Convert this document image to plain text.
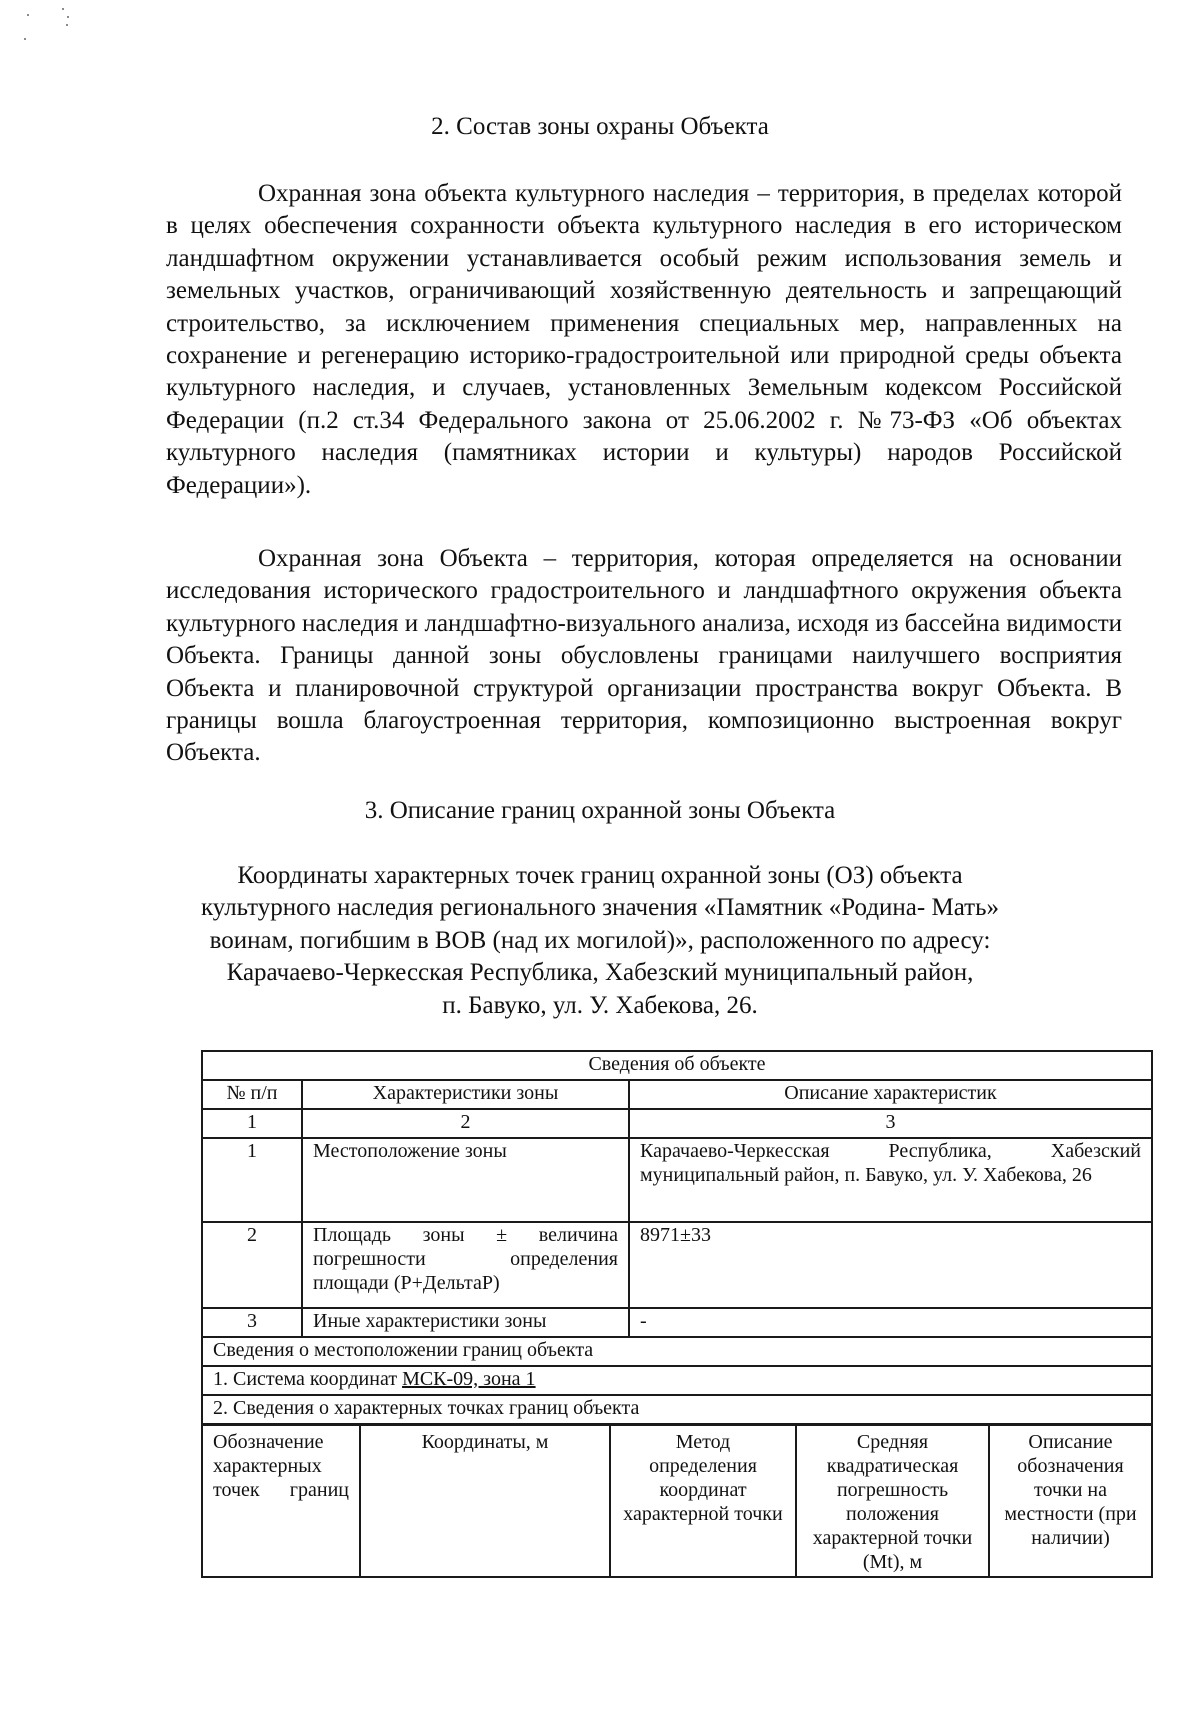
2. Состав зоны охраны Объекта

Охранная зона объекта культурного наследия – территория, в пределах которой в целях обеспечения сохранности объекта культурного наследия в его историческом ландшафтном окружении устанавливается особый режим использования земель и земельных участков, ограничивающий хозяйственную деятельность и запрещающий строительство, за исключением применения специальных мер, направленных на сохранение и регенерацию историко-градостроительной или природной среды объекта культурного наследия, и случаев, установленных Земельным кодексом Российской Федерации (п.2 ст.34 Федерального закона от 25.06.2002 г. №73-ФЗ «Об объектах культурного наследия (памятниках истории и культуры) народов Российской Федерации»).

Охранная зона Объекта – территория, которая определяется на основании исследования исторического градостроительного и ландшафтного окружения объекта культурного наследия и ландшафтно-визуального анализа, исходя из бассейна видимости Объекта. Границы данной зоны обусловлены границами наилучшего восприятия Объекта и планировочной структурой организации пространства вокруг Объекта. В границы вошла благоустроенная территория, композиционно выстроенная вокруг Объекта.

3. Описание границ охранной зоны Объекта

Координаты характерных точек границ охранной зоны (ОЗ) объекта
культурного наследия регионального значения «Памятник «Родина- Мать»
воинам, погибшим в ВОВ (над их могилой)», расположенного по адресу:
Карачаево-Черкесская Республика, Хабезский муниципальный район,
п. Бавуко, ул. У. Хабекова, 26.

Сведения об объекте		
№ п/п	Характеристики зоны	Описание характеристик
1	2	3
1	Местоположение зоны	Карачаево-Черкесская Республика, Хабезский муниципальный район, п. Бавуко, ул. У. Хабекова, 26
2	Площадь зоны ± величина погрешности определения площади (Р+ДельтаР)	8971±33
3	Иные характеристики зоны	-
Сведения о местоположении границ объекта		
1. Система координат МСК-09, зона 1		
2. Сведения о характерных точках границ объекта		
Обозначение характерных точек границ	Координаты, м	Метод определения координат характерной точки	Средняя квадратическая погрешность положения характерной точки (Mt), м	Описание обозначения точки на местности (при наличии)
